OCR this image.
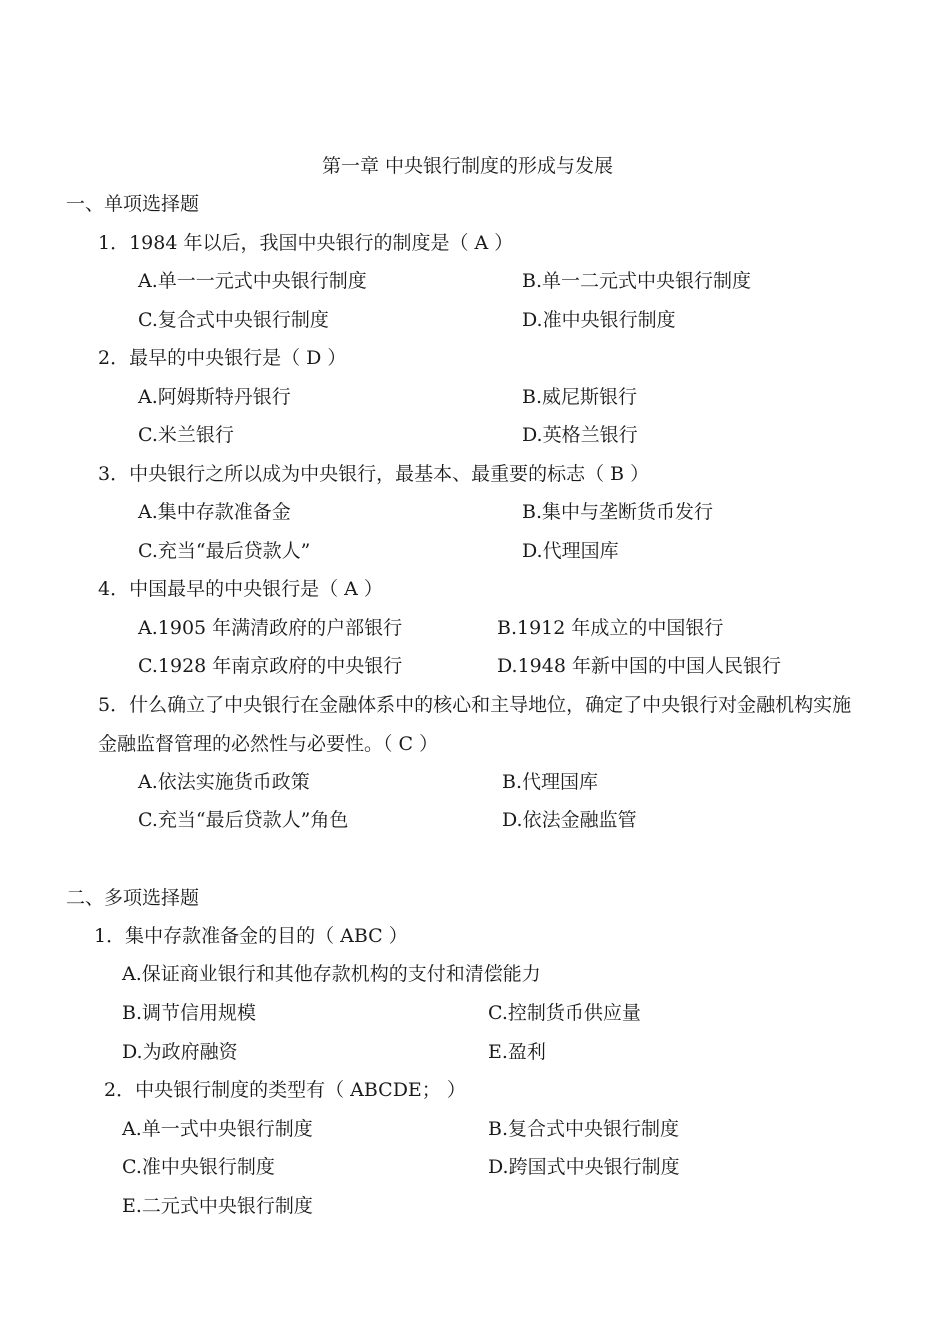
第一章 中央银行制度的形成与发展
一、单项选择题
1．1984 年以后，我国中央银行的制度是（ A ）
A.单一一元式中央银行制度	B.单一二元式中央银行制度
C.复合式中央银行制度	D.准中央银行制度
2．最早的中央银行是（ D ）
A.阿姆斯特丹银行	B.威尼斯银行
C.米兰银行	D.英格兰银行
3．中央银行之所以成为中央银行，最基本、最重要的标志（ B ）
A.集中存款准备金	B.集中与垄断货币发行
C.充当“最后贷款人”	D.代理国库
4．中国最早的中央银行是（ A ）
A.1905 年满清政府的户部银行	B.1912 年成立的中国银行
C.1928 年南京政府的中央银行	D.1948 年新中国的中国人民银行
5．什么确立了中央银行在金融体系中的核心和主导地位，确定了中央银行对金融机构实施
金融监督管理的必然性与必要性。（ C ）
A.依法实施货币政策	B.代理国库
C.充当“最后贷款人”角色	D.依法金融监管
二、多项选择题
1．集中存款准备金的目的（ ABC ）
A.保证商业银行和其他存款机构的支付和清偿能力
B.调节信用规模	C.控制货币供应量
D.为政府融资	E.盈利
2．中央银行制度的类型有（ ABCDE； ）
A.单一式中央银行制度	B.复合式中央银行制度
C.准中央银行制度	D.跨国式中央银行制度
E.二元式中央银行制度
